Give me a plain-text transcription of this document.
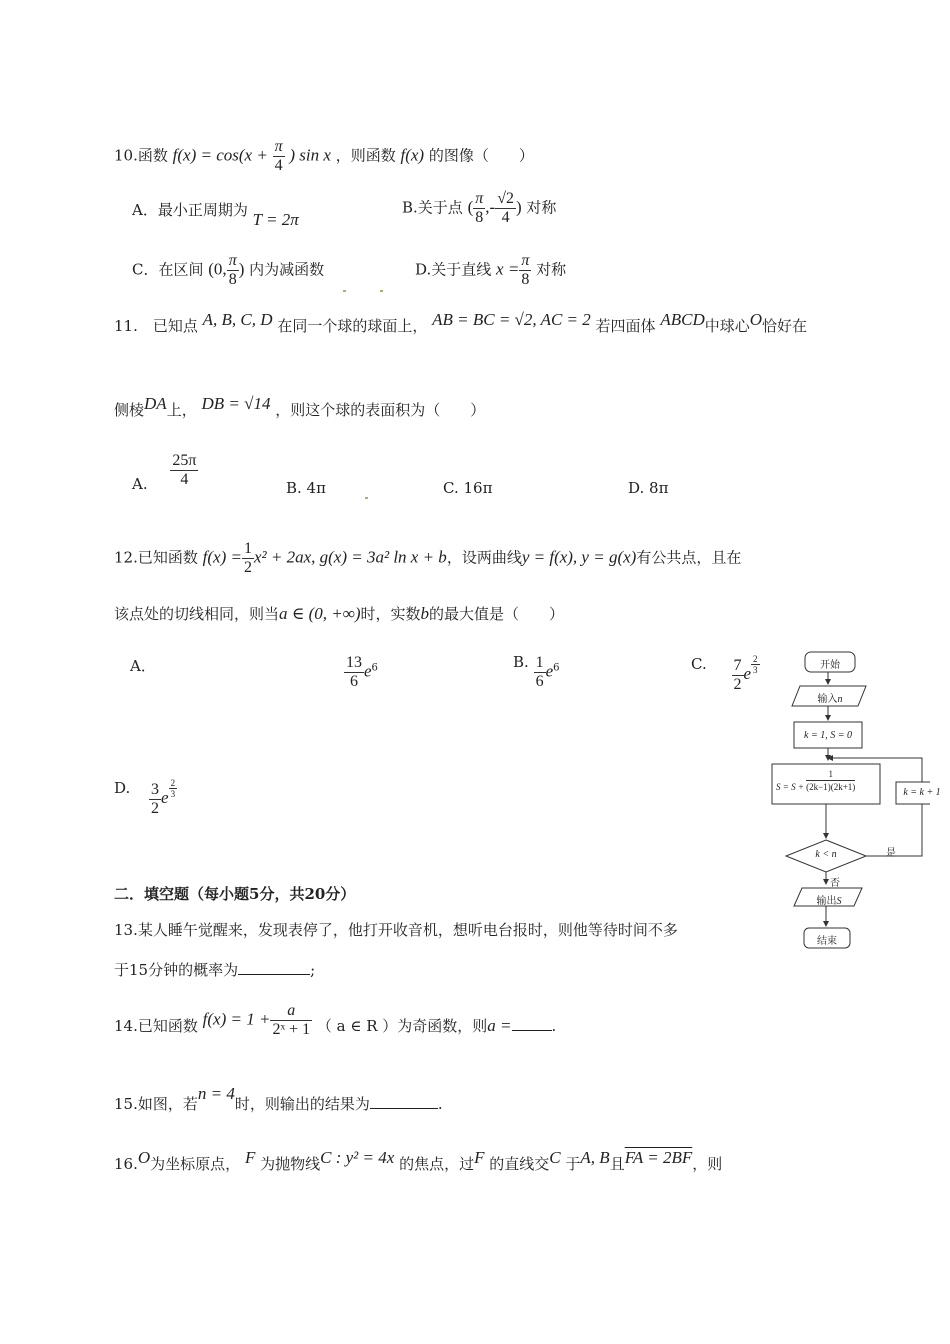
10.函数 $f(x) = \cos(x + \frac{\pi}{4}$ ) sin x ，则函数 f(x) 的图像（　　）
A．最小正周期为 T = 2π
B.关于点 ( $\frac{\pi}{8}$ ,- $\frac{√2}{4}$ ) 对称
C．在区间 (0, $\frac{\pi}{8}$ ) 内为减函数	D.关于直线 $x = \frac{\pi}{8}$ 对称
11.　已知点 A, B, C, D 在同一个球的球面上， AB = BC = √2, AC = 2 若四面体 ABCD中球心O恰好在
侧棱DA上， DB = √14 ，则这个球的表面积为（　　）
A. $\frac{25\pi}{4}$	B. 4π	C. 16π	D. 8π
12.已知函数 $f(x) = \frac{1}{2} x^2 + 2ax$, g(x) = 3a² ln x + b，设两曲线y = f(x), y = g(x)有公共点，且在
该点处的切线相同，则当a ∈ (0, +∞)时，实数b的最大值是（　　）
A．	$\frac{13}{6} e^6$	B. $\frac{1}{6} e^6$	C. $\frac{7}{2}$ e $\frac{2}{3}$
D. $\frac{3}{2}$ e $\frac{2}{3}$
二．填空题（每小题5分，共20分）
13.某人睡午觉醒来，发现表停了，他打开收音机，想听电台报时，则他等待时间不多
于15分钟的概率为	;
14.已知函数 $f(x) = 1 + \frac{a}{\text{2ˣ + 1}}$ （ a ∈ R ）为奇函数，则a =	.
15.如图，若n = 4时，则输出的结果为	.
16.O为坐标原点， F 为抛物线C : y² = 4x 的焦点，过F 的直线交C 于A, B且FA = 2BF，则
开始
输入n
k = 1, S = 0
$S = S + \frac{1}{(2k-1)(2k+1)}$	k = k + 1
k < n	是
否
输出S
结束
